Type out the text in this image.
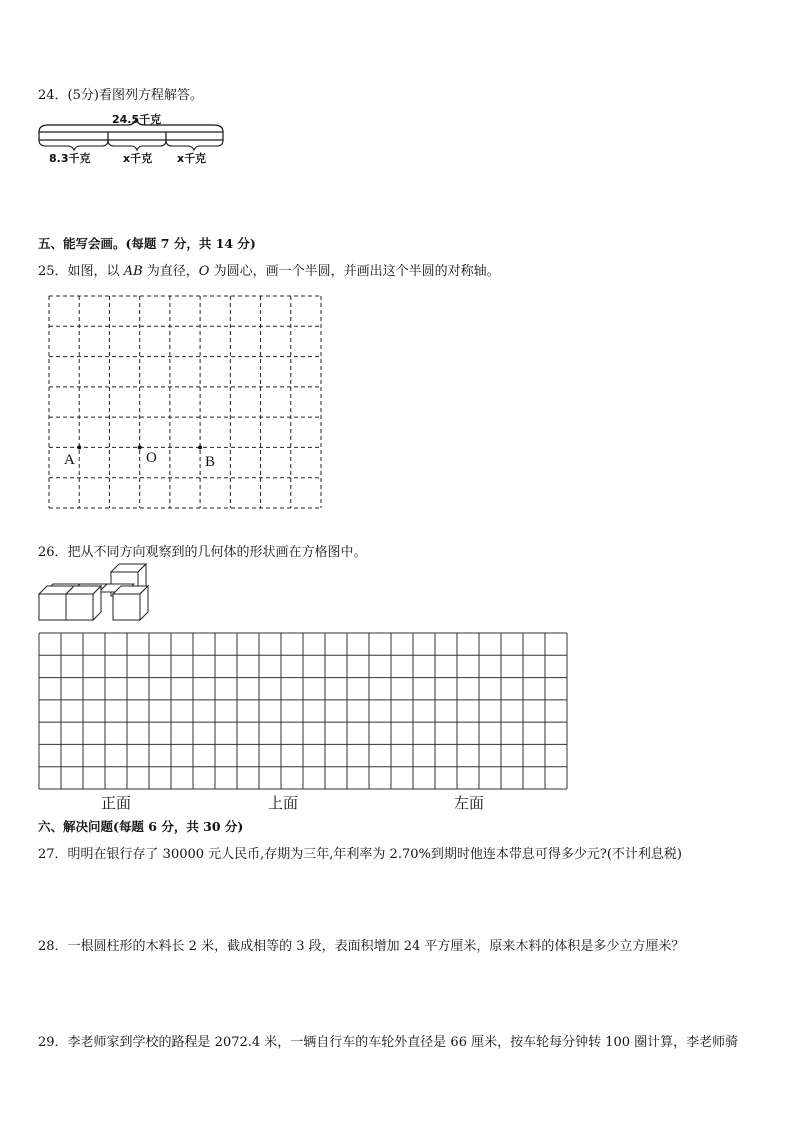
24．(5分)看图列方程解答。
24.5千克
8.3千克	x千克 x千克
五、能写会画。(每题 7 分，共 14 分)
25．如图，以 AB 为直径，O 为圆心，画一个半圆，并画出这个半圆的对称轴。
A	O	B
26．把从不同方向观察到的几何体的形状画在方格图中。
正面	上面	左面
六、解决问题(每题 6 分，共 30 分)
27．明明在银行存了 30000 元人民币,存期为三年,年利率为 2.70%到期时他连本带息可得多少元?(不计利息税)
28．一根圆柱形的木料长 2 米，截成相等的 3 段，表面积增加 24 平方厘米，原来木料的体积是多少立方厘米？
29．李老师家到学校的路程是 2072.4 米，一辆自行车的车轮外直径是 66 厘米，按车轮每分钟转 100 圈计算，李老师骑
